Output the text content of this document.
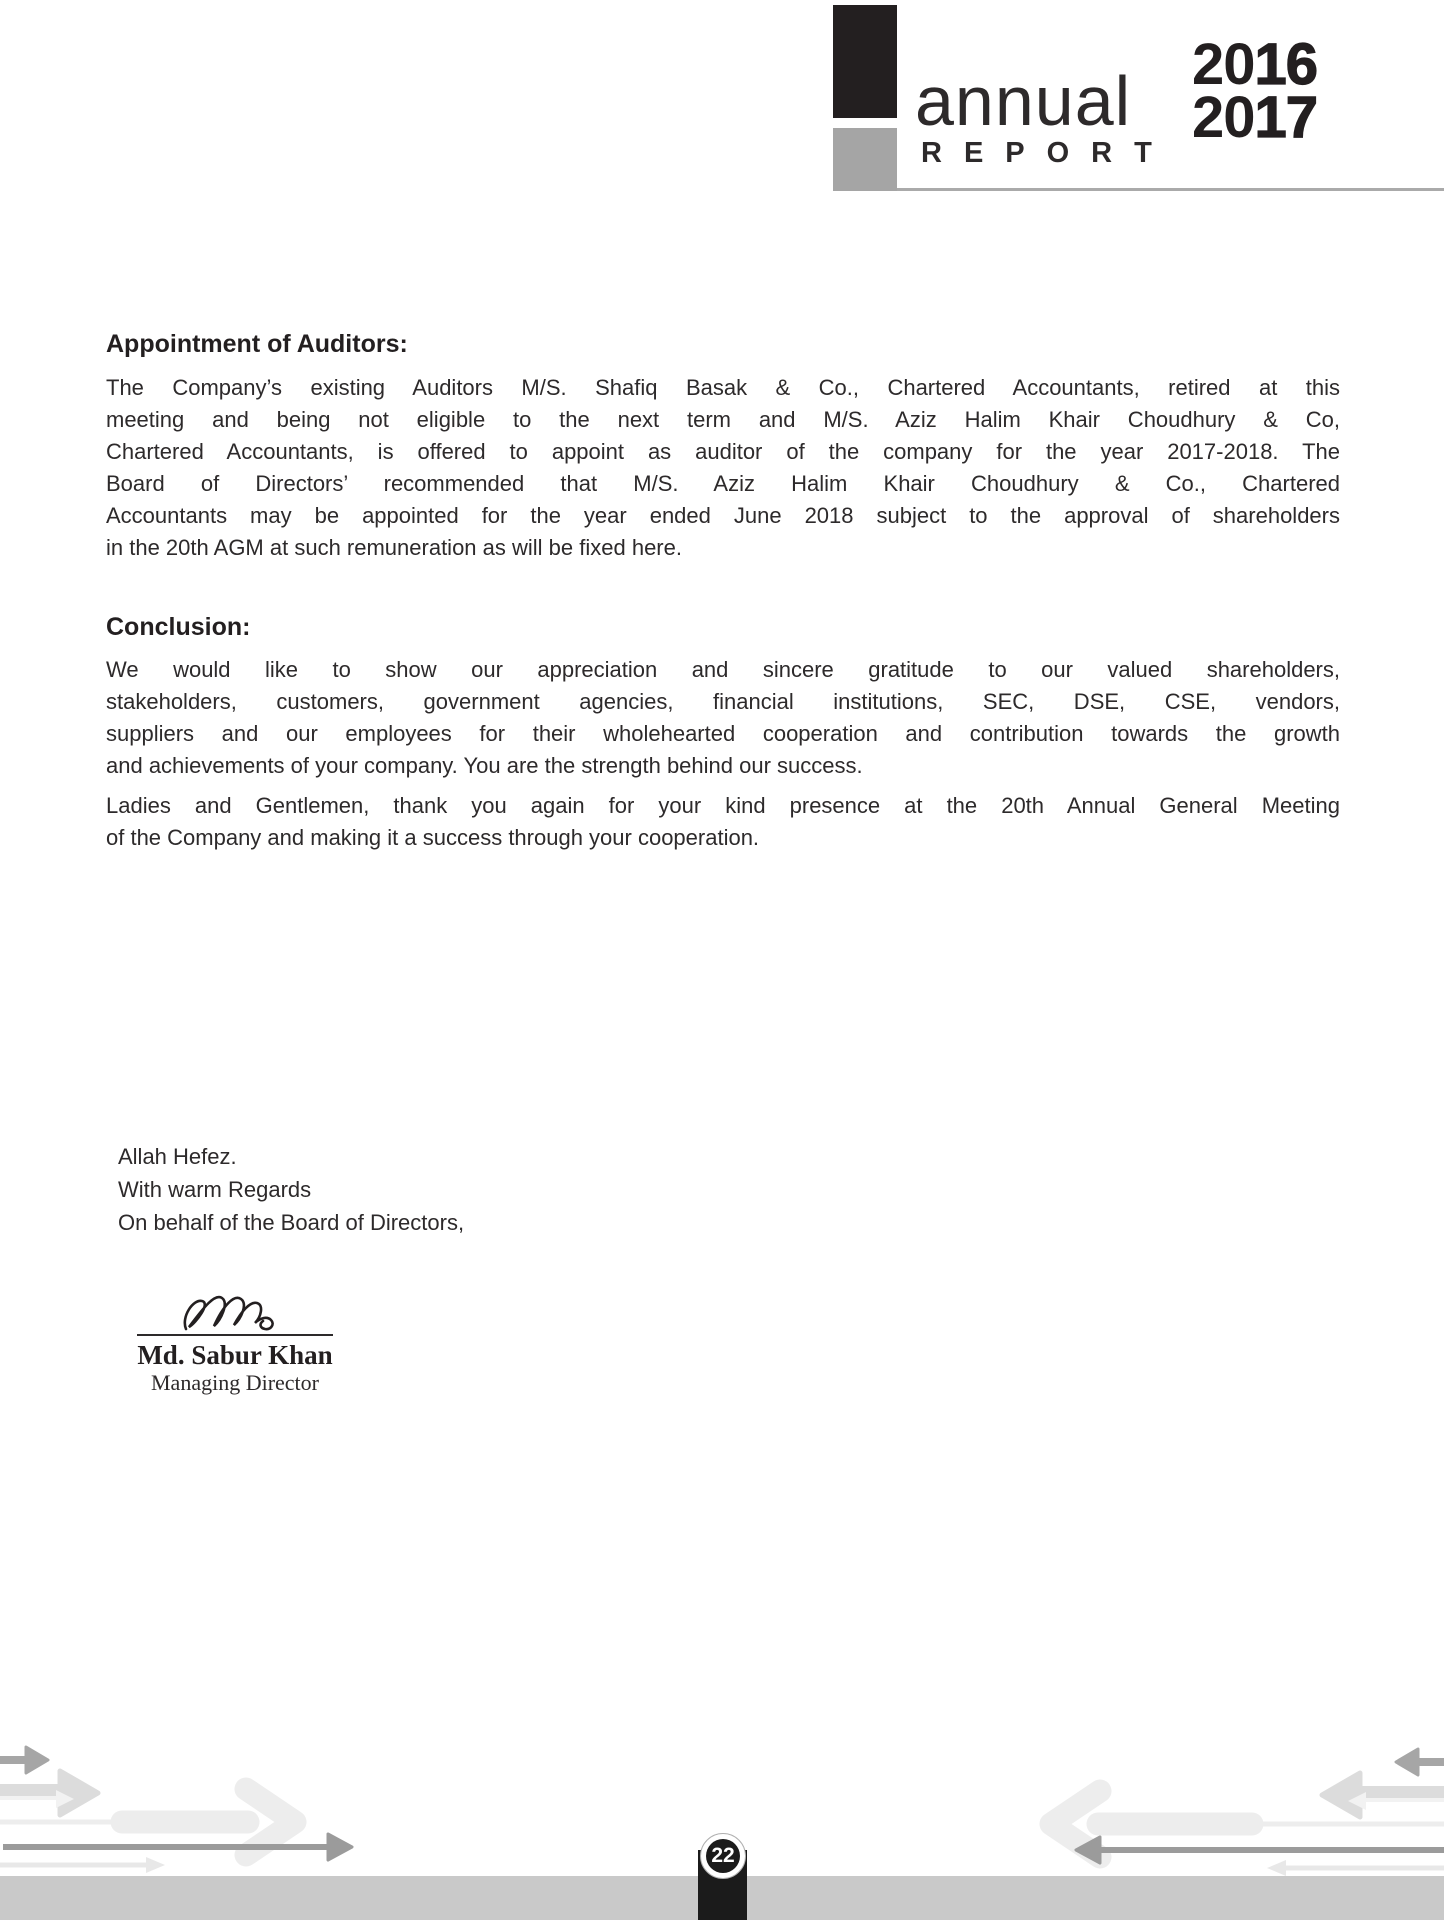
annual
REPORT
2016
2017
Appointment of Auditors:
The Company’s existing Auditors M/S. Shafiq Basak & Co., Chartered Accountants, retired at this
meeting and being not eligible to the next term and M/S. Aziz Halim Khair Choudhury & Co,
Chartered Accountants, is offered to appoint as auditor of the company for the year 2017-2018. The
Board of Directors’ recommended that M/S. Aziz Halim Khair Choudhury & Co., Chartered
Accountants may be appointed for the year ended June 2018 subject to the approval of shareholders
in the 20th AGM at such remuneration as will be fixed here.
Conclusion:
We would like to show our appreciation and sincere gratitude to our valued shareholders,
stakeholders, customers, government agencies, financial institutions, SEC, DSE, CSE, vendors,
suppliers and our employees for their wholehearted cooperation and contribution towards the growth
and achievements of your company. You are the strength behind our success.
Ladies and Gentlemen, thank you again for your kind presence at the 20th Annual General Meeting
of the Company and making it a success through your cooperation.
Allah Hefez.
With warm Regards
On behalf of the Board of Directors,
Md. Sabur Khan
Managing Director
22
